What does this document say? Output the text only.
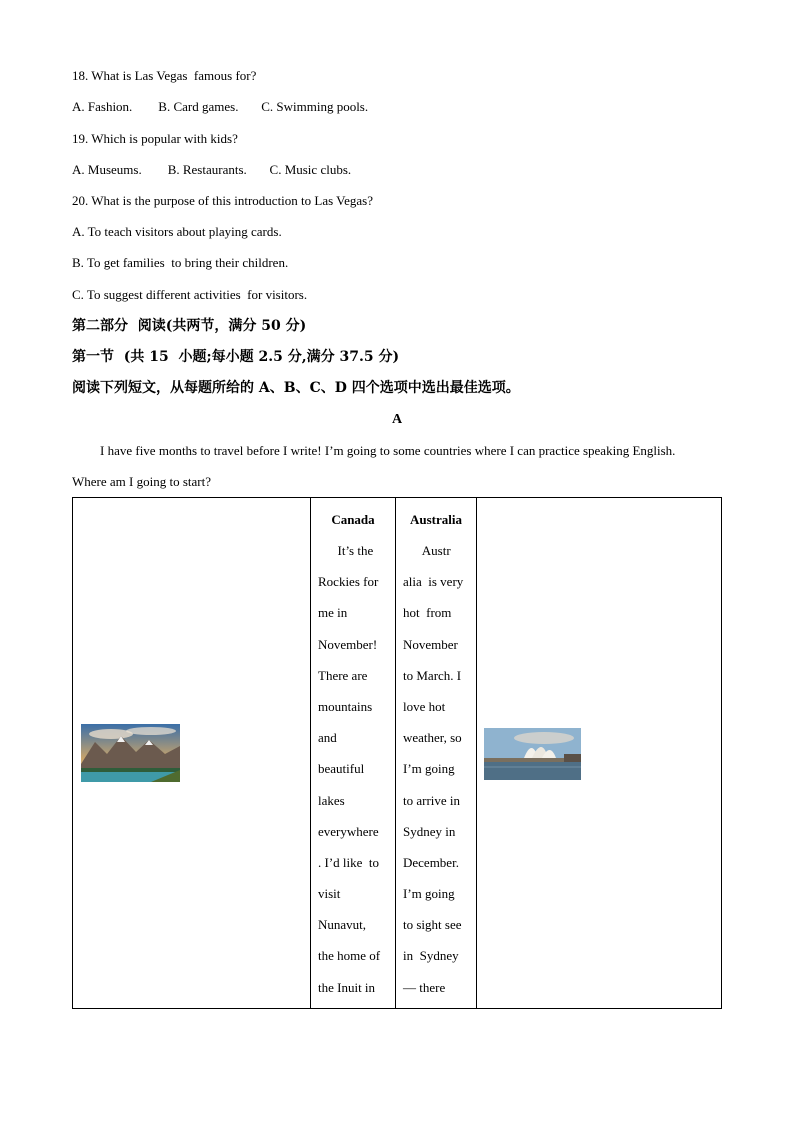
18. What is Las Vegas  famous for?
A. Fashion.        B. Card games.       C. Swimming pools.
19. Which is popular with kids?
A. Museums.        B. Restaurants.       C. Music clubs.
20. What is the purpose of this introduction to Las Vegas?
A. To teach visitors about playing cards.
B. To get families  to bring their children.
C. To suggest different activities  for visitors.
第二部分  阅读(共两节，满分 50 分)
第一节  (共 15  小题;每小题 2.5 分,满分 37.5 分)
阅读下列短文，从每题所给的 A、B、C、D 四个选项中选出最佳选项。
A
I have five months to travel before I write! I’m going to some countries where I can practice speaking English.
Where am I going to start?
Canada
It’s the
Rockies for
me in
November!
There are
mountains
and
beautiful
lakes
everywhere
. I’d like  to
visit
Nunavut,
the home of
the Inuit in
Australia
Austr
alia  is very
hot  from
November
to March. I
love hot
weather, so
I’m going
to arrive in
Sydney in
December.
I’m going
to sight see
in  Sydney
— there
